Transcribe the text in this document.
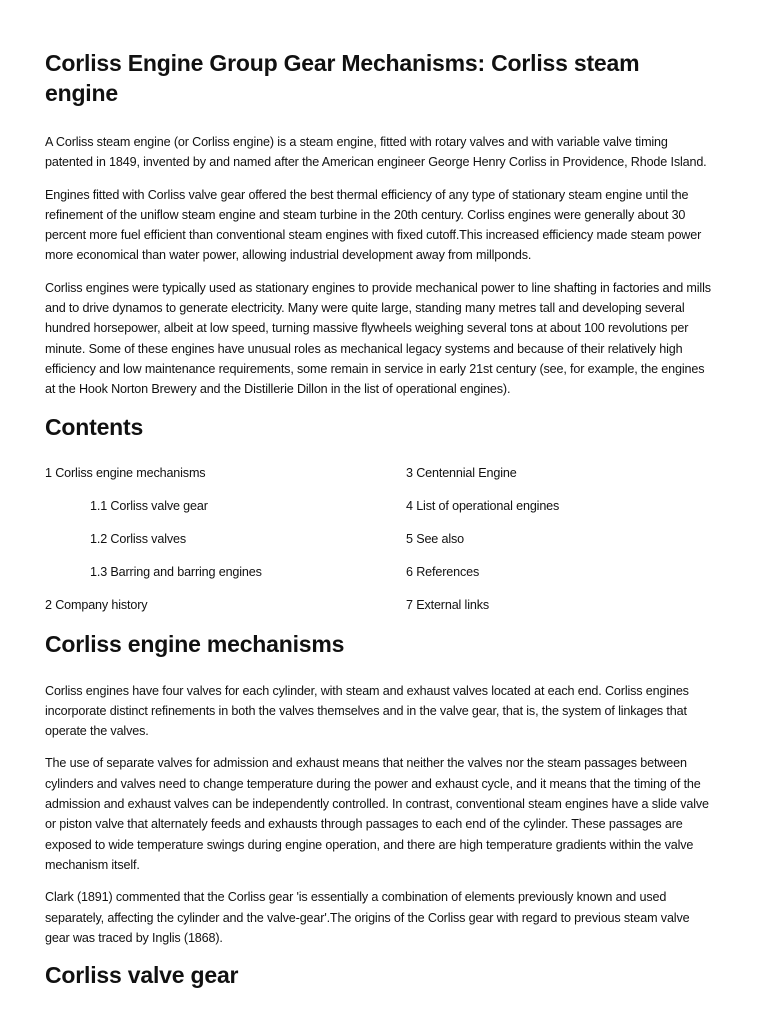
Corliss Engine Group Gear Mechanisms: Corliss steam engine

A Corliss steam engine (or Corliss engine) is a steam engine, fitted with rotary valves and with variable valve timing patented in 1849, invented by and named after the American engineer George Henry Corliss in Providence, Rhode Island.

Engines fitted with Corliss valve gear offered the best thermal efficiency of any type of stationary steam engine until the refinement of the uniflow steam engine and steam turbine in the 20th century. Corliss engines were generally about 30 percent more fuel efficient than conventional steam engines with fixed cutoff.This increased efficiency made steam power more economical than water power, allowing industrial development away from millponds.

Corliss engines were typically used as stationary engines to provide mechanical power to line shafting in factories and mills and to drive dynamos to generate electricity. Many were quite large, standing many metres tall and developing several hundred horsepower, albeit at low speed, turning massive flywheels weighing several tons at about 100 revolutions per minute. Some of these engines have unusual roles as mechanical legacy systems and because of their relatively high efficiency and low maintenance requirements, some remain in service in early 21st century (see, for example, the engines at the Hook Norton Brewery and the Distillerie Dillon in the list of operational engines).

Contents
1 Corliss engine mechanisms
1.1 Corliss valve gear
1.2 Corliss valves
1.3 Barring and barring engines
2 Company history
3 Centennial Engine
4 List of operational engines
5 See also
6 References
7 External links
Corliss engine mechanisms

Corliss engines have four valves for each cylinder, with steam and exhaust valves located at each end. Corliss engines incorporate distinct refinements in both the valves themselves and in the valve gear, that is, the system of linkages that operate the valves.

The use of separate valves for admission and exhaust means that neither the valves nor the steam passages between cylinders and valves need to change temperature during the power and exhaust cycle, and it means that the timing of the admission and exhaust valves can be independently controlled. In contrast, conventional steam engines have a slide valve or piston valve that alternately feeds and exhausts through passages to each end of the cylinder. These passages are exposed to wide temperature swings during engine operation, and there are high temperature gradients within the valve mechanism itself.

Clark (1891) commented that the Corliss gear 'is essentially a combination of elements previously known and used separately, affecting the cylinder and the valve-gear'.The origins of the Corliss gear with regard to previous steam valve gear was traced by Inglis (1868).

Corliss valve gear
